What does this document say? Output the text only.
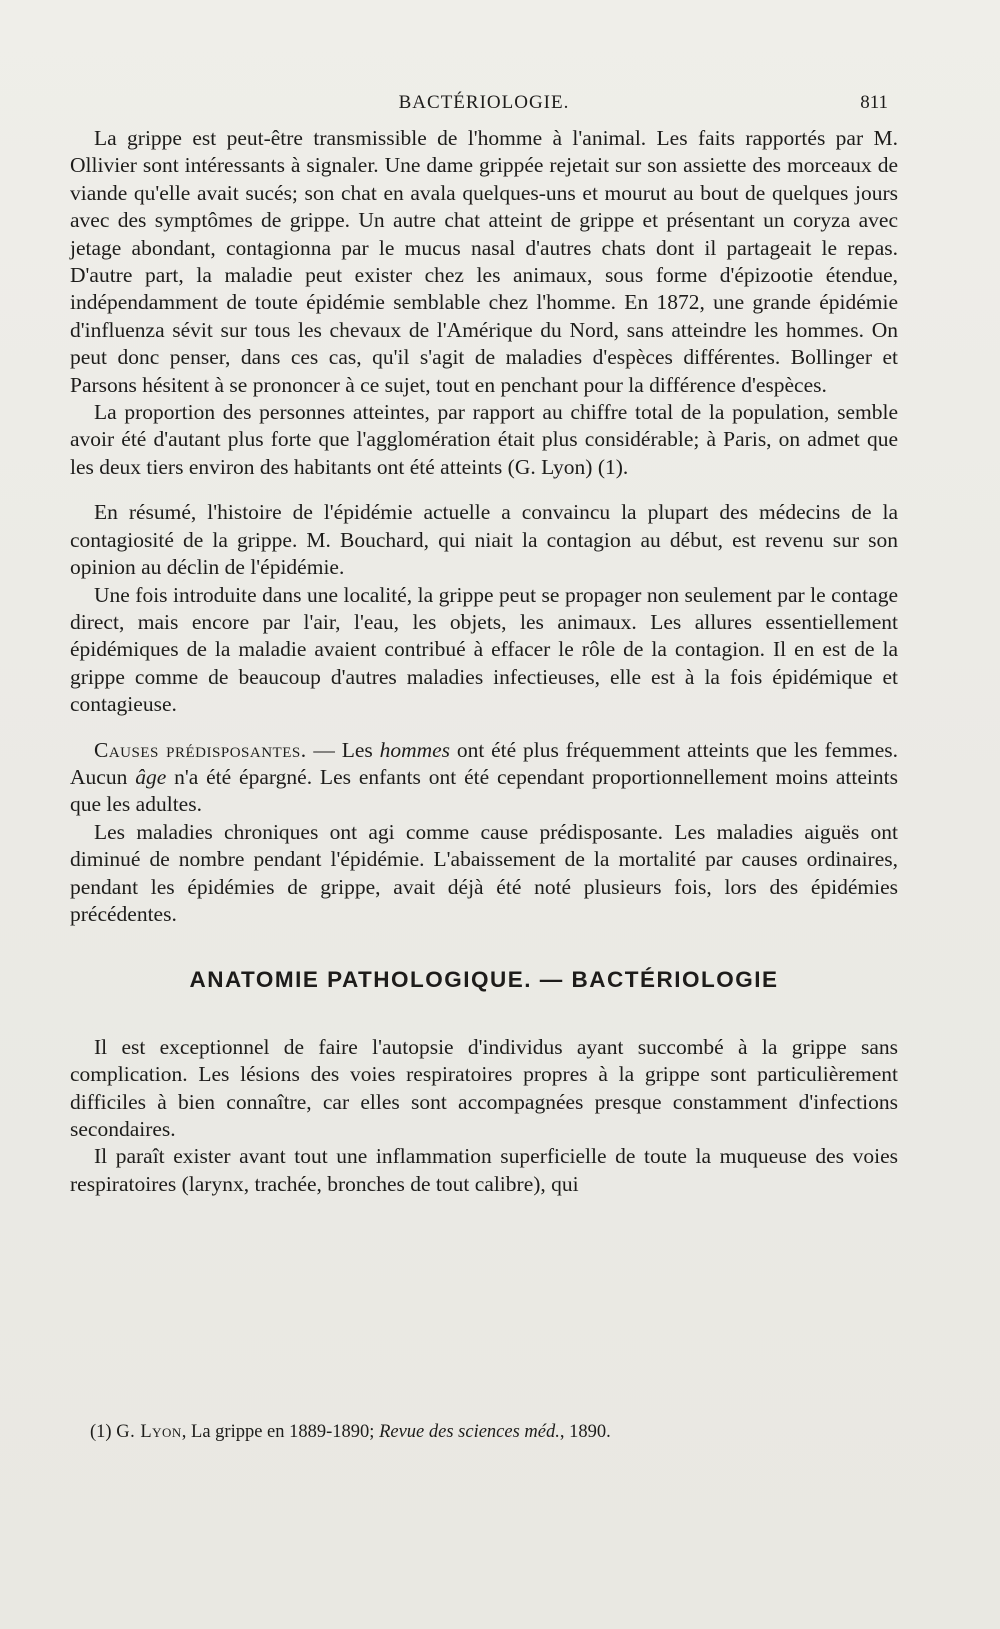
BACTÉRIOLOGIE.	811

La grippe est peut-être transmissible de l'homme à l'animal. Les faits rapportés par M. Ollivier sont intéressants à signaler. Une dame grippée rejetait sur son assiette des morceaux de viande qu'elle avait sucés; son chat en avala quelques-uns et mourut au bout de quelques jours avec des symptômes de grippe. Un autre chat atteint de grippe et présentant un coryza avec jetage abondant, contagionna par le mucus nasal d'autres chats dont il partageait le repas. D'autre part, la maladie peut exister chez les animaux, sous forme d'épizootie étendue, indépendamment de toute épidémie semblable chez l'homme. En 1872, une grande épidémie d'influenza sévit sur tous les chevaux de l'Amérique du Nord, sans atteindre les hommes. On peut donc penser, dans ces cas, qu'il s'agit de maladies d'espèces différentes. Bollinger et Parsons hésitent à se prononcer à ce sujet, tout en penchant pour la différence d'espèces.

La proportion des personnes atteintes, par rapport au chiffre total de la population, semble avoir été d'autant plus forte que l'agglomération était plus considérable; à Paris, on admet que les deux tiers environ des habitants ont été atteints (G. Lyon) (1).

En résumé, l'histoire de l'épidémie actuelle a convaincu la plupart des médecins de la contagiosité de la grippe. M. Bouchard, qui niait la contagion au début, est revenu sur son opinion au déclin de l'épidémie.

Une fois introduite dans une localité, la grippe peut se propager non seulement par le contage direct, mais encore par l'air, l'eau, les objets, les animaux. Les allures essentiellement épidémiques de la maladie avaient contribué à effacer le rôle de la contagion. Il en est de la grippe comme de beaucoup d'autres maladies infectieuses, elle est à la fois épidémique et contagieuse.

Causes prédisposantes. — Les hommes ont été plus fréquemment atteints que les femmes. Aucun âge n'a été épargné. Les enfants ont été cependant proportionnellement moins atteints que les adultes.

Les maladies chroniques ont agi comme cause prédisposante. Les maladies aiguës ont diminué de nombre pendant l'épidémie. L'abaissement de la mortalité par causes ordinaires, pendant les épidémies de grippe, avait déjà été noté plusieurs fois, lors des épidémies précédentes.

ANATOMIE PATHOLOGIQUE. — BACTÉRIOLOGIE

Il est exceptionnel de faire l'autopsie d'individus ayant succombé à la grippe sans complication. Les lésions des voies respiratoires propres à la grippe sont particulièrement difficiles à bien connaître, car elles sont accompagnées presque constamment d'infections secondaires.

Il paraît exister avant tout une inflammation superficielle de toute la muqueuse des voies respiratoires (larynx, trachée, bronches de tout calibre), qui

(1) G. Lyon, La grippe en 1889-1890; Revue des sciences méd., 1890.
